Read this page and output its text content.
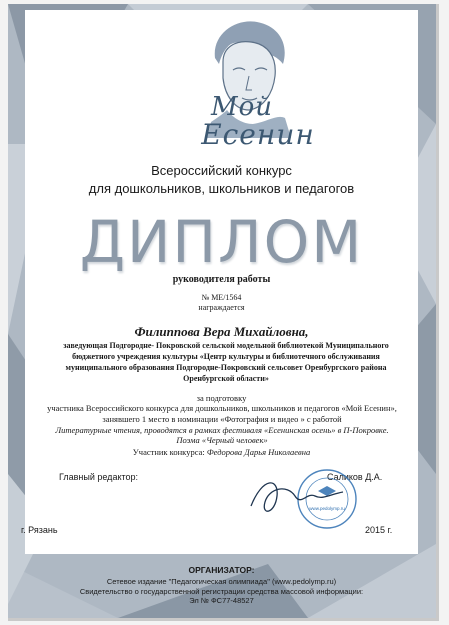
Мой
Есенин
Всероссийский конкурс
для дошкольников, школьников и педагогов
ДИПЛОМ
руководителя работы
№ МЕ/1564
награждается
Филиппова Вера Михайловна,
заведующая Подгородне- Покровской сельской модельной библиотекой Муниципального бюджетного учреждения культуры «Центр культуры и библиотечного обслуживания муниципального образования Подгородне-Покровский сельсовет Оренбургского района Оренбургской области»
за подготовку
участника Всероссийского конкурса для дошкольников, школьников и педагогов «Мой Есенин», занявшего 1 место в номинации «Фотография и видео » с работой
Литературные чтения, проводятся в рамках фестиваля «Есенинская осень» в П-Покровке. Поэма «Черный человек»
Участник конкурса: Федорова Дарья Николаевна
Главный редактор:	Саликов Д.А.
www.pedolymp.ru
г. Рязань	2015 г.
ОРГАНИЗАТОР:
Сетевое издание "Педагогическая олимпиада" (www.pedolymp.ru)
Свидетельство о государственной регистрации средства массовой информации:
Эл № ФС77-48527
